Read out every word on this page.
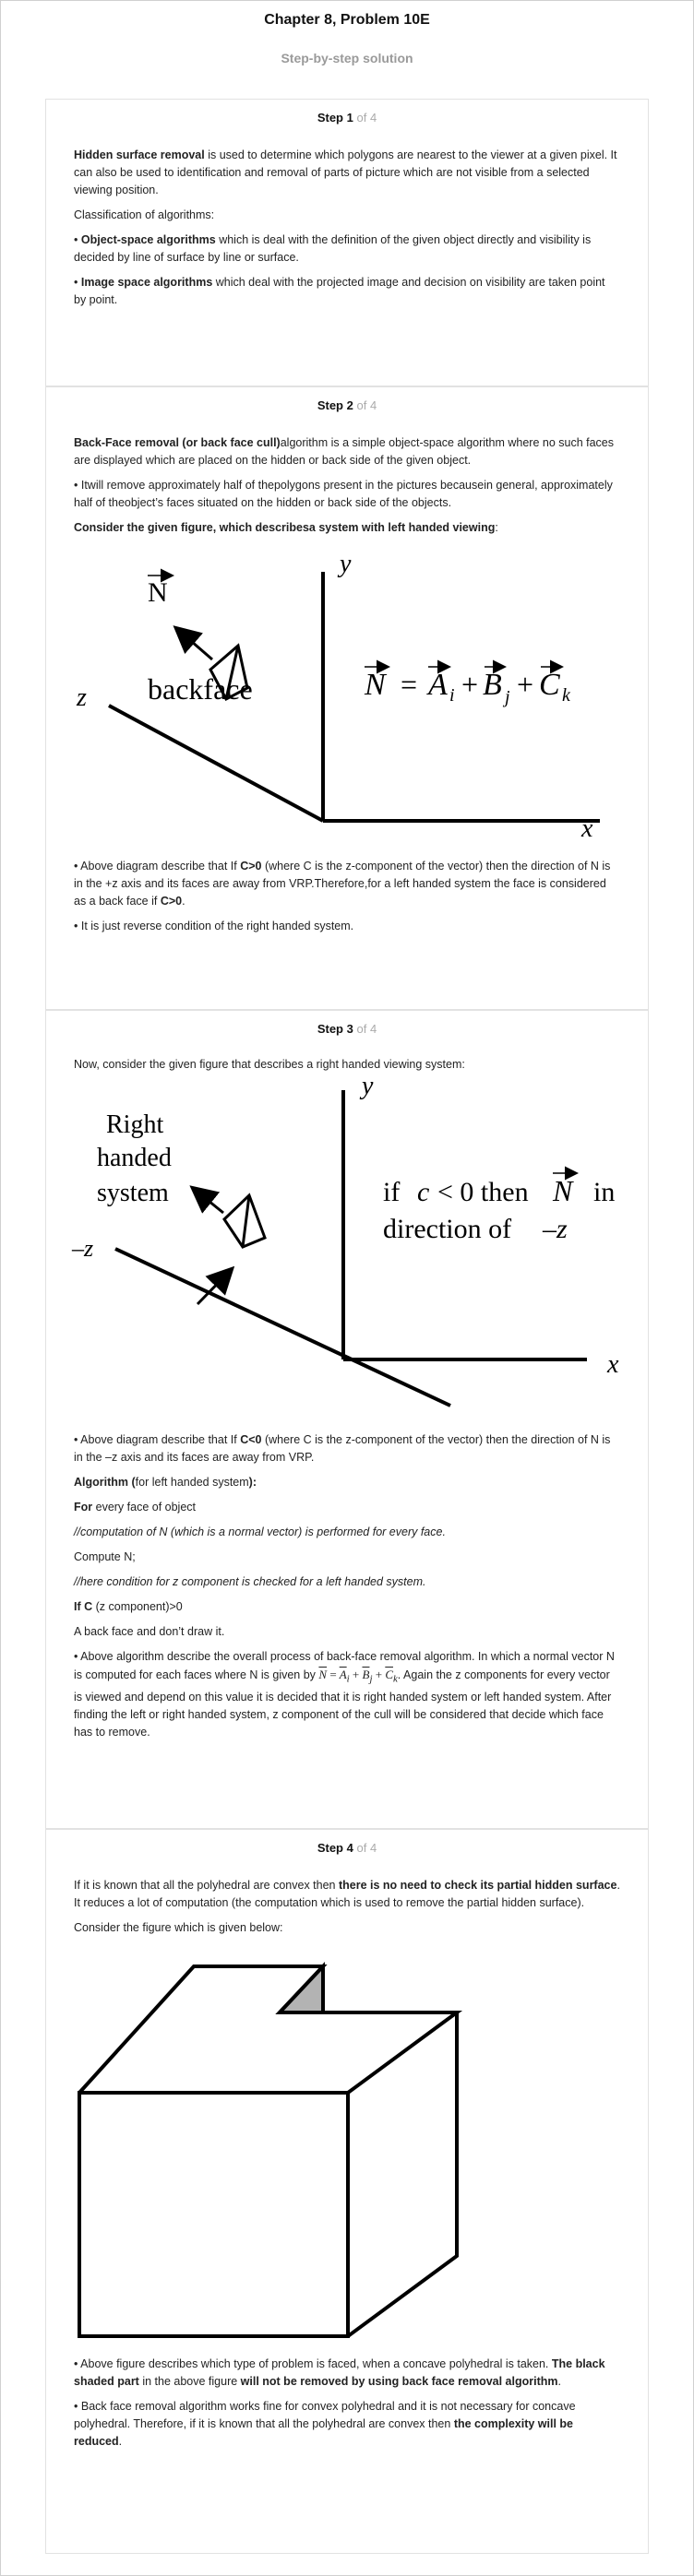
Chapter 8, Problem 10E
Step-by-step solution
Step 1 of 4

Hidden surface removal is used to determine which polygons are nearest to the viewer at a given pixel. It can also be used to identification and removal of parts of picture which are not visible from a selected viewing position.

Classification of algorithms:

• Object-space algorithms which is deal with the definition of the given object directly and visibility is decided by line of surface by line or surface.

• Image space algorithms which deal with the projected image and decision on visibility are taken point by point.

Step 2 of 4

Back-Face removal (or back face cull)algorithm is a simple object-space algorithm where no such faces are displayed which are placed on the hidden or back side of the given object.

• Itwill remove approximately half of thepolygons present in the pictures becausein general, approximately half of theobject’s faces situated on the hidden or back side of the objects.

Consider the given figure, which describesa system with left handed viewing:

y
x
z
N
backface	N = A i + B j + C k

• Above diagram describe that If C>0 (where C is the z-component of the vector) then the direction of N is in the +z axis and its faces are away from VRP.Therefore,for a left handed system the face is considered as a back face if C>0.

• It is just reverse condition of the right handed system.

Step 3 of 4

Now, consider the given figure that describes a right handed viewing system:

y
x
–z
Right
handed
system	if c < 0 then N in
direction of –z

• Above diagram describe that If C<0 (where C is the z-component of the vector) then the direction of N is in the –z axis and its faces are away from VRP.

Algorithm (for left handed system):

For every face of object

//computation of N (which is a normal vector) is performed for every face.

Compute N;

//here condition for z component is checked for a left handed system.

If C (z component)>0

A back face and don’t draw it.

• Above algorithm describe the overall process of back-face removal algorithm. In which a normal vector N is computed for each faces where N is given by $\overline{N} = \overline{A}_i + \overline{B}_j + \overline{C}_k$. Again the z components for every vector is viewed and depend on this value it is decided that it is right handed system or left handed system. After finding the left or right handed system, z component of the cull will be considered that decide which face has to remove.

Step 4 of 4

If it is known that all the polyhedral are convex then there is no need to check its partial hidden surface. It reduces a lot of computation (the computation which is used to remove the partial hidden surface).

Consider the figure which is given below:

• Above figure describes which type of problem is faced, when a concave polyhedral is taken. The black shaded part in the above figure will not be removed by using back face removal algorithm.

• Back face removal algorithm works fine for convex polyhedral and it is not necessary for concave polyhedral. Therefore, if it is known that all the polyhedral are convex then the complexity will be reduced.
